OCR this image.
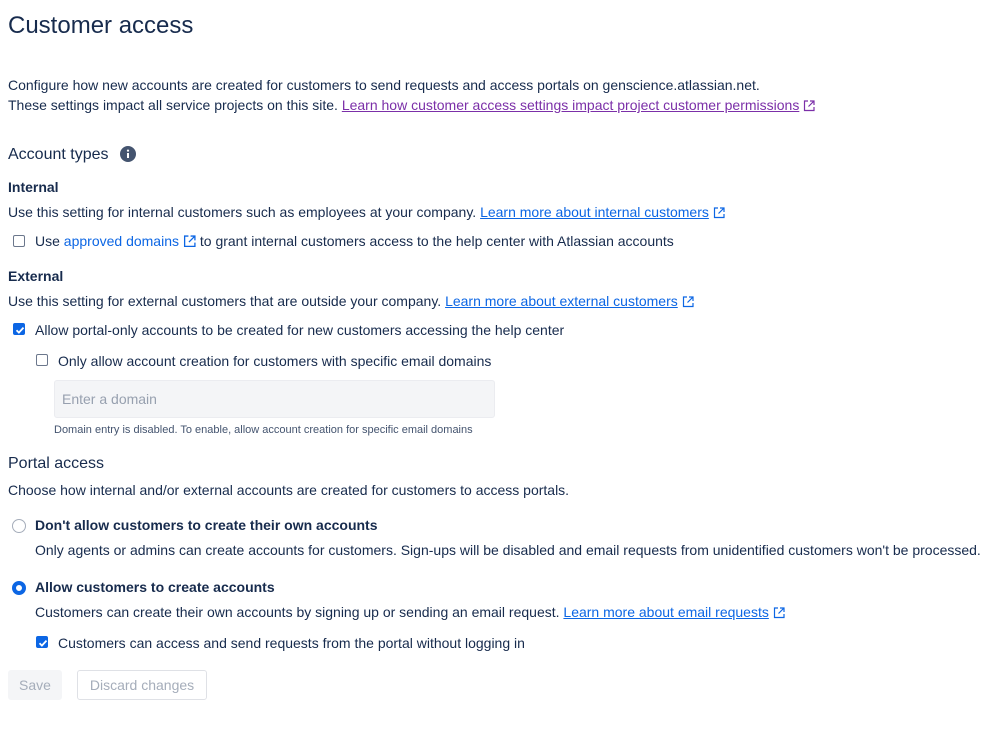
Customer access
Configure how new accounts are created for customers to send requests and access portals on genscience.atlassian.net.
These settings impact all service projects on this site. Learn how customer access settings impact project customer permissions
Account types
Internal
Use this setting for internal customers such as employees at your company. Learn more about internal customers
Use approved domains to grant internal customers access to the help center with Atlassian accounts
External
Use this setting for external customers that are outside your company. Learn more about external customers
Allow portal-only accounts to be created for new customers accessing the help center
Only allow account creation for customers with specific email domains
Enter a domain
Domain entry is disabled. To enable, allow account creation for specific email domains
Portal access
Choose how internal and/or external accounts are created for customers to access portals.
Don't allow customers to create their own accounts
Only agents or admins can create accounts for customers. Sign-ups will be disabled and email requests from unidentified customers won't be processed.
Allow customers to create accounts
Customers can create their own accounts by signing up or sending an email request. Learn more about email requests
Customers can access and send requests from the portal without logging in
Save	Discard changes
